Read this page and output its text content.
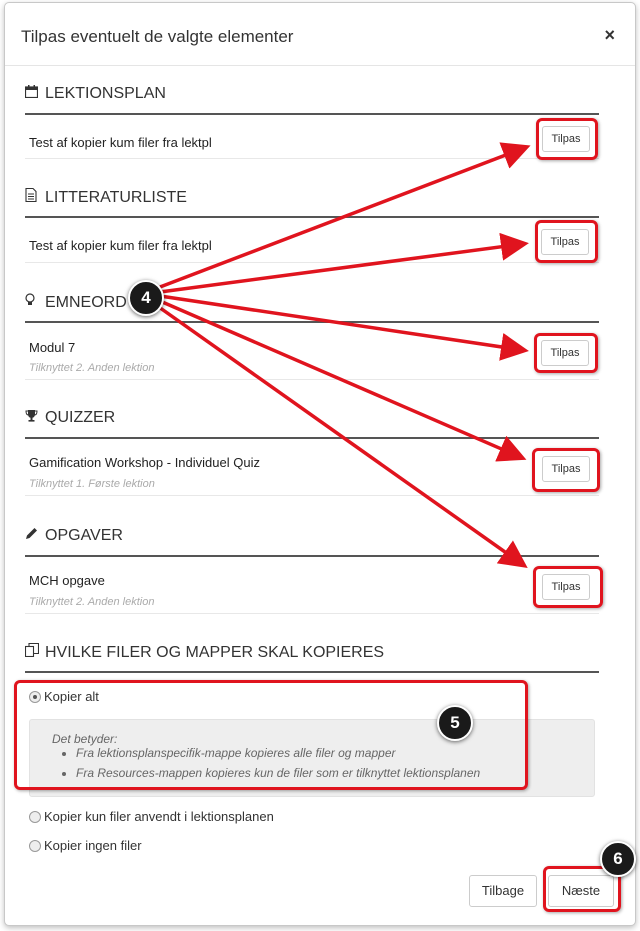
Tilpas eventuelt de valgte elementer	×
LEKTIONSPLAN
Test af kopier kum filer fra lektpl
LITTERATURLISTE
Test af kopier kum filer fra lektpl
EMNEORD
Modul 7
Tilknyttet 2. Anden lektion
QUIZZER
Gamification Workshop - Individuel Quiz
Tilknyttet 1. Første lektion
OPGAVER
MCH opgave
Tilknyttet 2. Anden lektion
HVILKE FILER OG MAPPER SKAL KOPIERES
Kopier alt
Det betyder:
• Fra lektionsplanspecifik-mappe kopieres alle filer og mapper
• Fra Resources-mappen kopieres kun de filer som er tilknyttet lektionsplanen
Kopier kun filer anvendt i lektionsplanen
Kopier ingen filer
Tilbage	Næste
Tilpas
Tilpas
Tilpas
Tilpas
Tilpas
4
5
6
